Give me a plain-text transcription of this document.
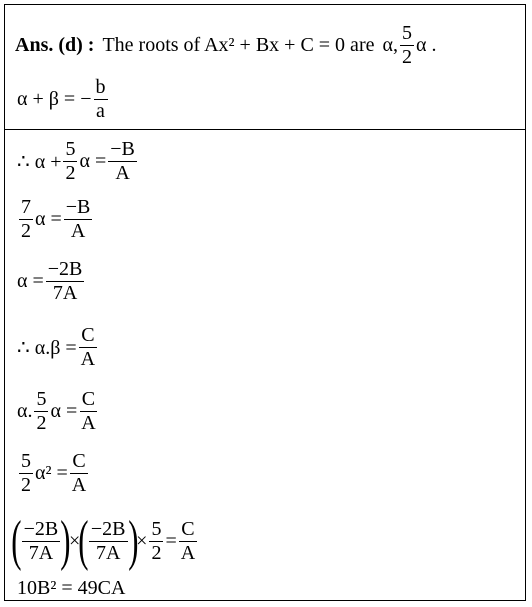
Ans. (d) : The roots of Ax² + Bx + C = 0 are α, $\frac{5}{2}$ α .
α + β = − $\frac{b}{a}$
∴ $\alpha + \frac{5}{2}$ $\alpha = \frac{-B}{A}$
$\frac{7}{2}$ $\alpha = \frac{-B}{A}$
$\alpha = \frac{-2B}{7A}$
∴ $\alpha.\beta = \frac{C}{A}$
α. $\frac{5}{2}$ $\alpha = \frac{C}{A}$
$\frac{5}{2} \alpha^2 = \frac{C}{A}$
( $\frac{-2B}{7A}$ )
×
( $\frac{-2B}{7A}$ )
× $\frac{5}{2} = \frac{C}{A}$
10B² = 49CA
